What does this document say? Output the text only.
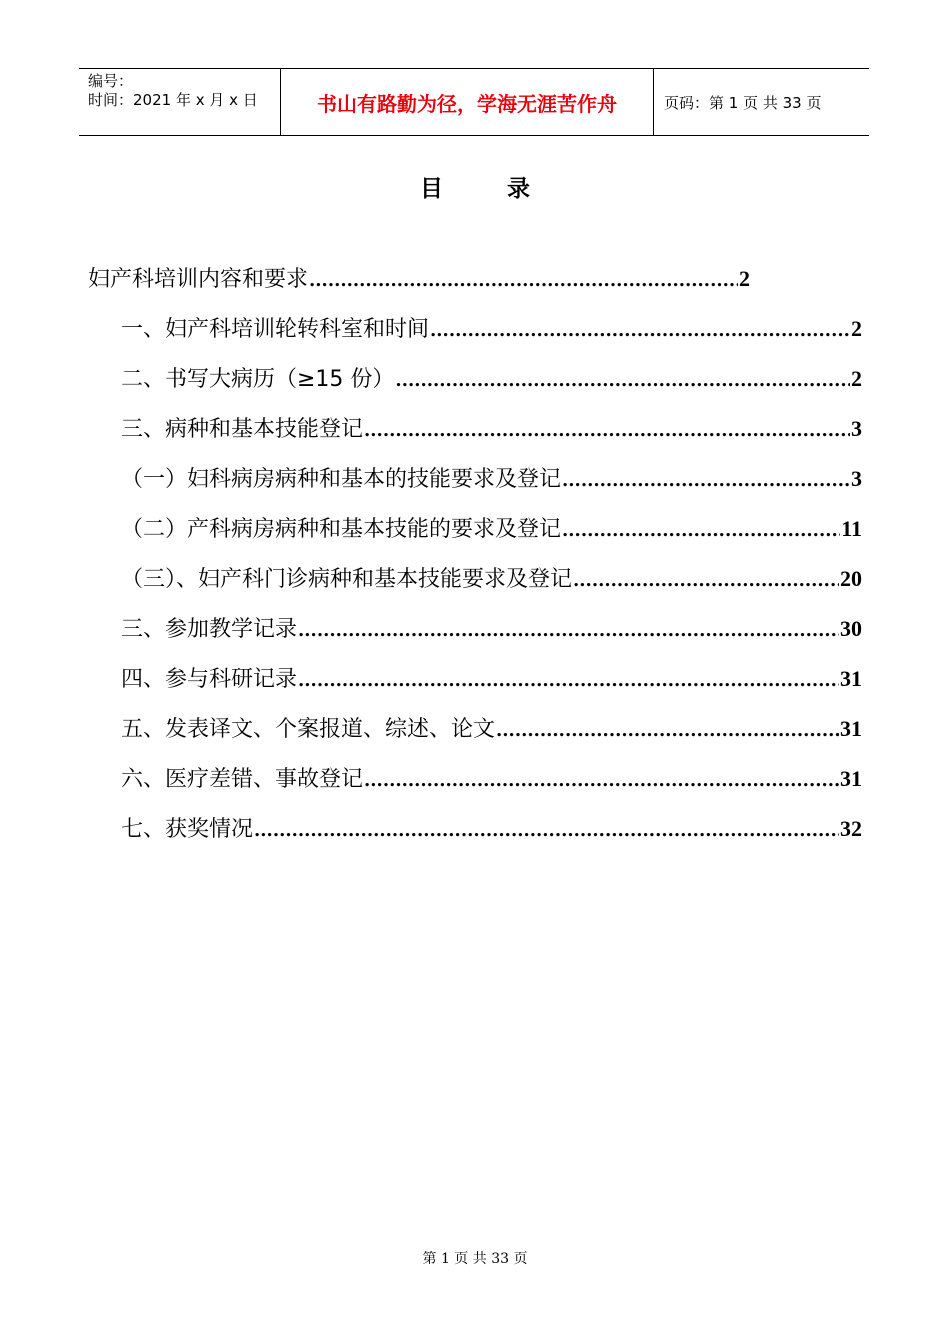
编号：
时间：2021 年 x 月 x 日	书山有路勤为径，学海无涯苦作舟	页码：第 1 页 共 33 页
目 录
妇产科培训内容和要求 .....	2
一、妇产科培训轮转科室和时间 .....	2
二、书写大病历（≥15 份） .....	2
三、病种和基本技能登记 .....	3
（一）妇科病房病种和基本的技能要求及登记 .....	3
（二）产科病房病种和基本技能的要求及登记 .....	11
（三）、妇产科门诊病种和基本技能要求及登记 .....	20
三、参加教学记录 .....	30
四、参与科研记录 .....	31
五、发表译文、个案报道、综述、论文 .....	31
六、医疗差错、事故登记 .....	31
七、获奖情况 .....	32
第 1 页 共 33 页
